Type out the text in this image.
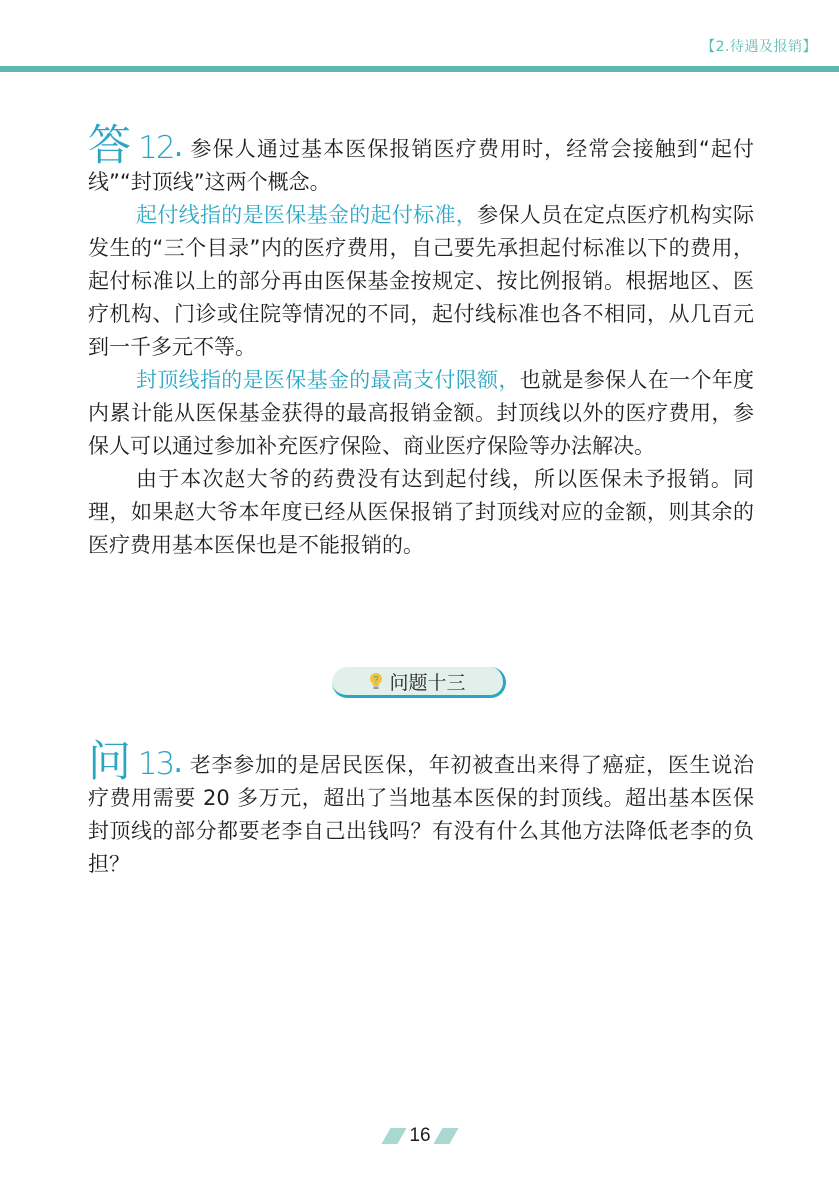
【2.待遇及报销】

答 12. 参保人通过基本医保报销医疗费用时，经常会接触到“起付线”“封顶线”这两个概念。

起付线指的是医保基金的起付标准，参保人员在定点医疗机构实际发生的“三个目录”内的医疗费用，自己要先承担起付标准以下的费用，起付标准以上的部分再由医保基金按规定、按比例报销。根据地区、医疗机构、门诊或住院等情况的不同，起付线标准也各不相同，从几百元到一千多元不等。

封顶线指的是医保基金的最高支付限额，也就是参保人在一个年度内累计能从医保基金获得的最高报销金额。封顶线以外的医疗费用，参保人可以通过参加补充医疗保险、商业医疗保险等办法解决。

由于本次赵大爷的药费没有达到起付线，所以医保未予报销。同理，如果赵大爷本年度已经从医保报销了封顶线对应的金额，则其余的医疗费用基本医保也是不能报销的。

? 问题十三

问 13. 老李参加的是居民医保，年初被查出来得了癌症，医生说治疗费用需要 20 多万元，超出了当地基本医保的封顶线。超出基本医保封顶线的部分都要老李自己出钱吗？有没有什么其他方法降低老李的负担？

16
